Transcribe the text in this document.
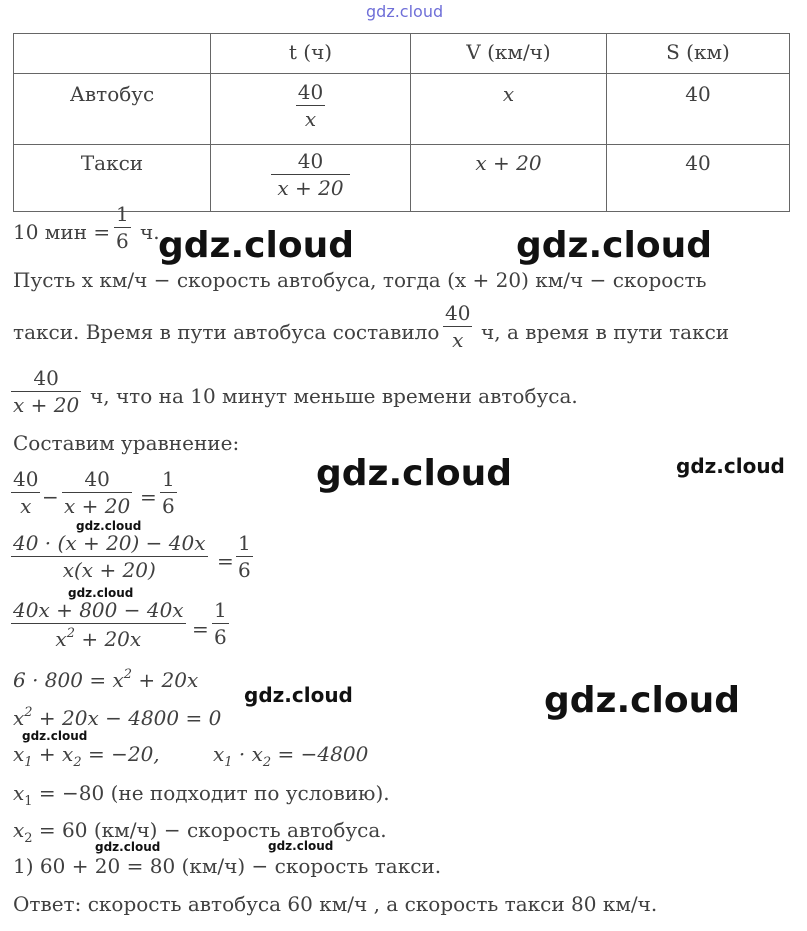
gdz.cloud
	t (ч)	V (км/ч)	S (км)
Автобус	$\frac{40}{x}$	x	40
Такси	$\frac{40}{x + 20}$	x + 20	40
10 мин = $\frac{1}{6} ч$.
Пусть x км/ч − скорость автобуса, тогда (x + 20) км/ч − скорость
такси. Время в пути автобуса составило $\frac{40}{x} ч$, а время в пути такси
$\frac{40}{x + 20} ч$, что на 10 минут меньше времени автобуса.
Составим уравнение:
$\frac{40}{x} - \frac{40}{x + 20} = \frac{1}{6}$
$\frac{40 \cdot (x + 20) - 40x}{x(x + 20)} = \frac{1}{6}$
$\frac{40x + 800 - 40x}{x^2 + 20x} = \frac{1}{6}$
$6 \cdot 800 = x^2 + 20x$
$x^2 + 20x - 4800 = 0$
$x_1 + x_2 = -20$,	$x_1 \cdot x_2 = -4800$
$x_1 = -80$ (не подходит по условию).
$x_2 = 60$ (км/ч) − скорость автобуса.
1) 60 + 20 = 80 (км/ч) − скорость такси.
Ответ: скорость автобуса 60 км/ч , а скорость такси 80 км/ч.
gdz.cloud	gdz.cloud
gdz.cloud	gdz.cloud
gdz.cloud
gdz.cloud
gdz.cloud	gdz.cloud
gdz.cloud
gdz.cloud	gdz.cloud
